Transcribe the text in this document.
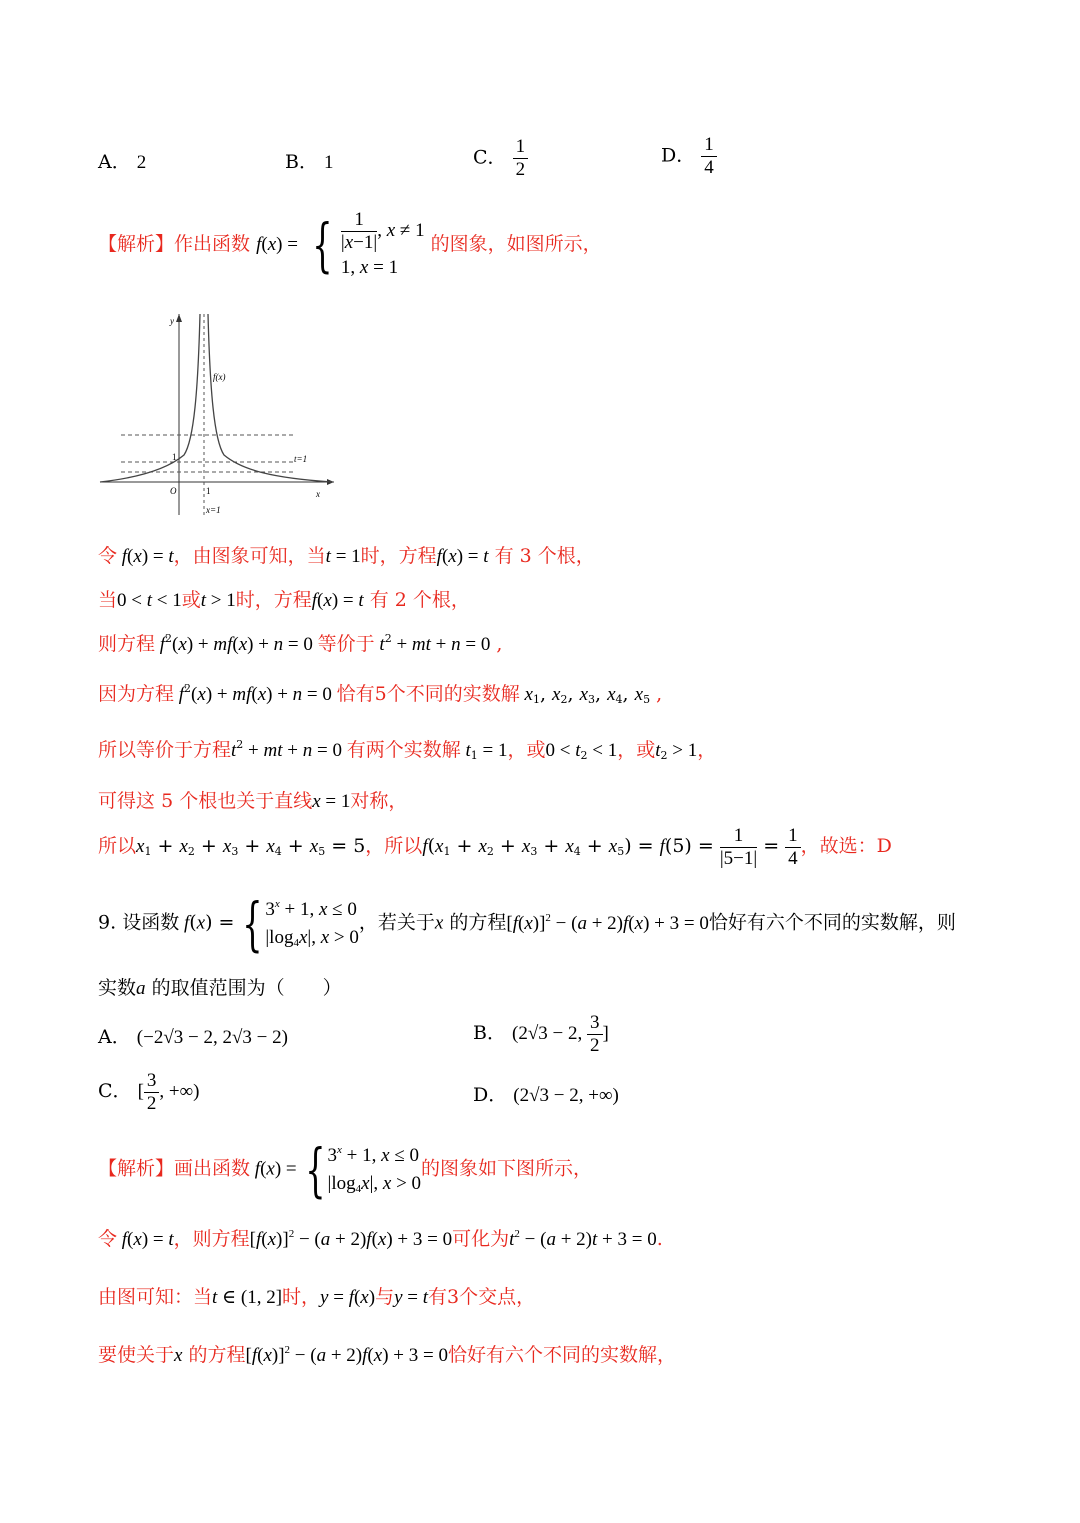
A． 2	B． 1	C． $\frac{1}{2}$	D． $\frac{1}{4}$
【解析】作出函数 f(x) = { $\frac{1}{|x-1|}$ , x ≠ 1
1, x = 1 的图象，如图所示，
y
x
O	1
1
f(x)
t=1
x=1
令 f(x) = t，由图象可知，当t = 1时，方程f(x) = t 有 3 个根，
当0 < t < 1或t > 1时，方程f(x) = t 有 2 个根，
则方程 $f^2(x) + mf(x) + n = 0$ 等价于 $t^2$ + mt + n = 0 ,
因为方程 $f^2(x) + mf(x) + n = 0$ 恰有5个不同的实数解 $x_1$, $x_2$, $x_3$, $x_4$, $x_5$ ,
所以等价于方程$t^2$ + mt + n = 0 有两个实数解 $t_1 = 1$，或$0 < t_2 < 1$，或$t_2 > 1$，
可得这 5 个根也关于直线x = 1对称，
所以$x_1 + x_2 + x_3 + x_4 + x_5 = 5$，所以$f(x_1 + x_2 + x_3 + x_4 + x_5) = f(5) = \frac{1}{|5-1|} = \frac{1}{4}$ ，故选：D
9. 设函数 f(x) = { $3^x + 1$, x ≤ 0
$|\log_4x|$, x > 0，若关于x 的方程$[f(x)]^2 - (a + 2)f(x) + 3 = 0$恰好有六个不同的实数解，则
实数a 的取值范围为（　　）
A． (−2√3 − 2, 2√3 − 2)	B． (2√3 − 2, $\frac{3}{2}$ ]
C． [ $\frac{3}{2}$ , +∞)	D． (2√3 − 2, +∞)
【解析】画出函数 f(x) = { $3^x + 1$, x ≤ 0
$|\log_4x|$, x > 0的图象如下图所示，
令 f(x) = t，则方程$[f(x)]^2 - (a + 2)f(x) + 3 = 0$可化为$t^2 - (a + 2)t + 3 = 0$.
由图可知：当t ∈ (1, 2]时，y = f(x)与y = t有3个交点，
要使关于x 的方程$[f(x)]^2 - (a + 2)f(x) + 3 = 0$恰好有六个不同的实数解，
